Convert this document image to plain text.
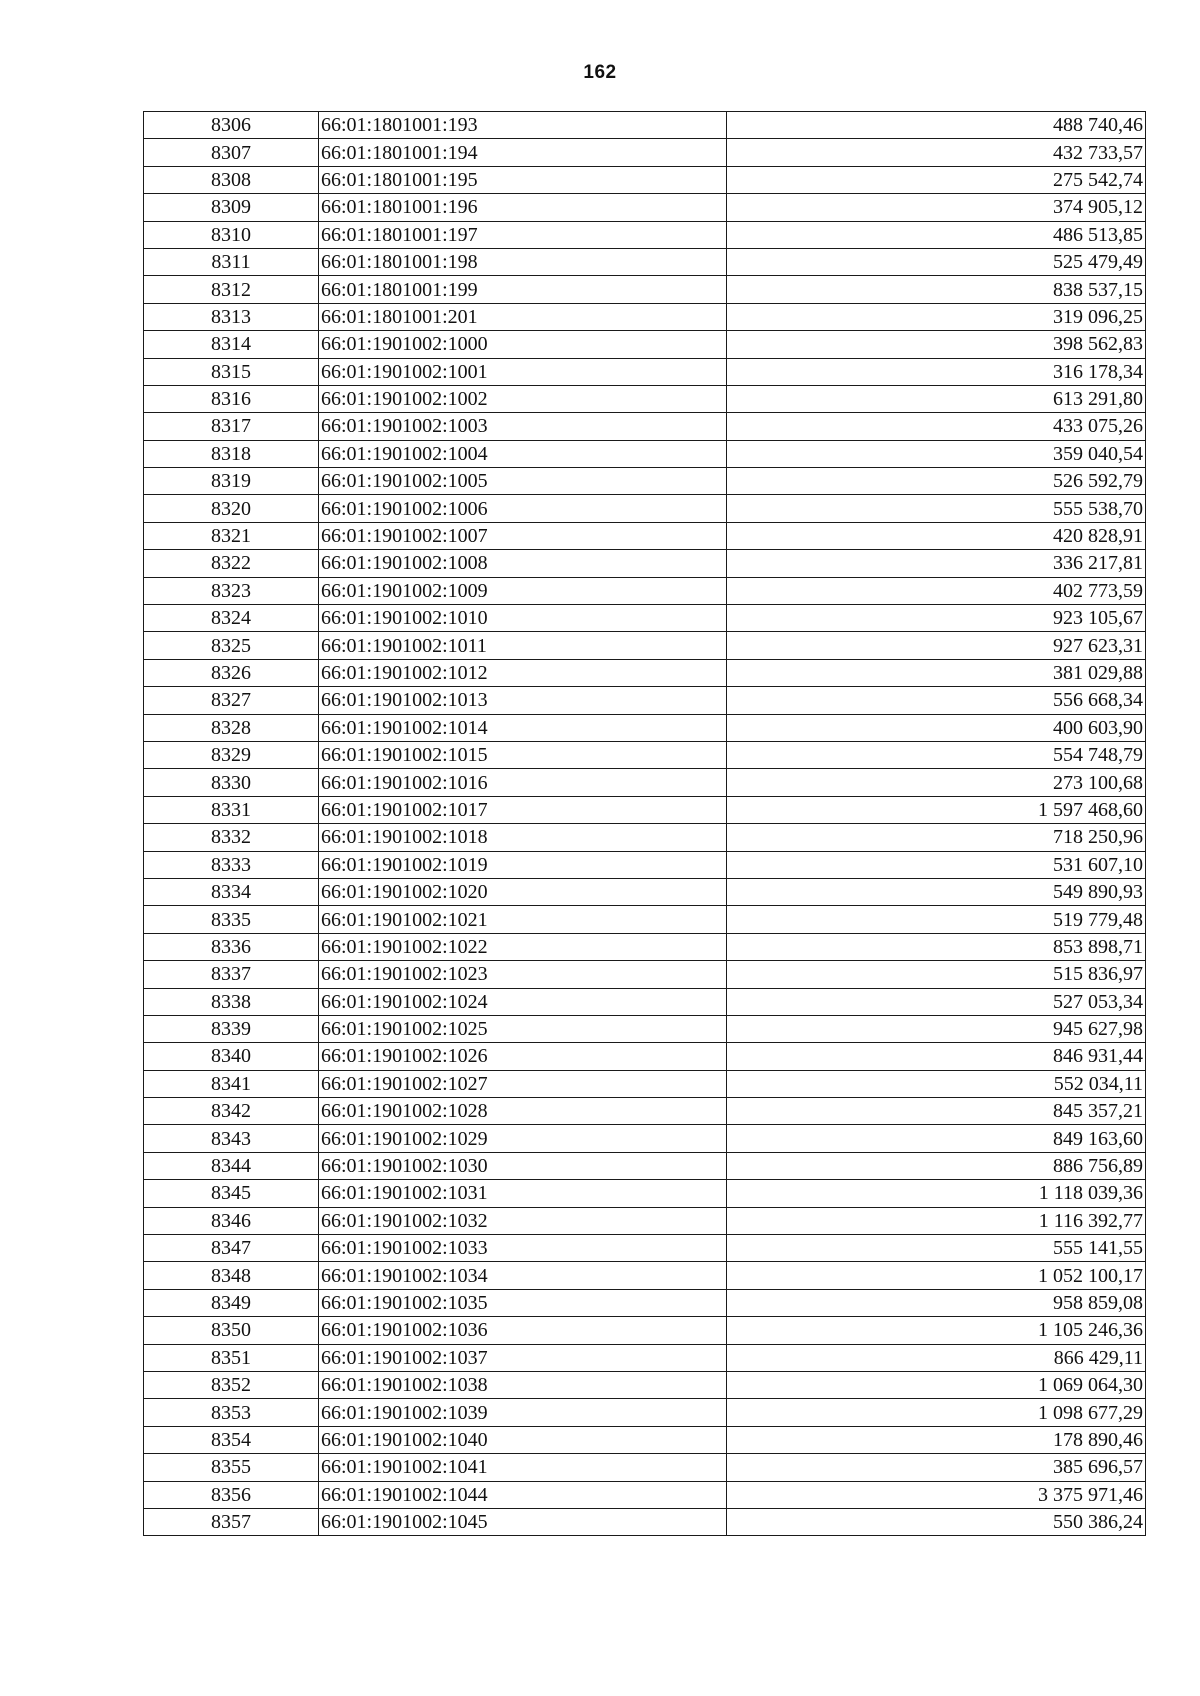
162
8306	66:01:1801001:193	488 740,46
8307	66:01:1801001:194	432 733,57
8308	66:01:1801001:195	275 542,74
8309	66:01:1801001:196	374 905,12
8310	66:01:1801001:197	486 513,85
8311	66:01:1801001:198	525 479,49
8312	66:01:1801001:199	838 537,15
8313	66:01:1801001:201	319 096,25
8314	66:01:1901002:1000	398 562,83
8315	66:01:1901002:1001	316 178,34
8316	66:01:1901002:1002	613 291,80
8317	66:01:1901002:1003	433 075,26
8318	66:01:1901002:1004	359 040,54
8319	66:01:1901002:1005	526 592,79
8320	66:01:1901002:1006	555 538,70
8321	66:01:1901002:1007	420 828,91
8322	66:01:1901002:1008	336 217,81
8323	66:01:1901002:1009	402 773,59
8324	66:01:1901002:1010	923 105,67
8325	66:01:1901002:1011	927 623,31
8326	66:01:1901002:1012	381 029,88
8327	66:01:1901002:1013	556 668,34
8328	66:01:1901002:1014	400 603,90
8329	66:01:1901002:1015	554 748,79
8330	66:01:1901002:1016	273 100,68
8331	66:01:1901002:1017	1 597 468,60
8332	66:01:1901002:1018	718 250,96
8333	66:01:1901002:1019	531 607,10
8334	66:01:1901002:1020	549 890,93
8335	66:01:1901002:1021	519 779,48
8336	66:01:1901002:1022	853 898,71
8337	66:01:1901002:1023	515 836,97
8338	66:01:1901002:1024	527 053,34
8339	66:01:1901002:1025	945 627,98
8340	66:01:1901002:1026	846 931,44
8341	66:01:1901002:1027	552 034,11
8342	66:01:1901002:1028	845 357,21
8343	66:01:1901002:1029	849 163,60
8344	66:01:1901002:1030	886 756,89
8345	66:01:1901002:1031	1 118 039,36
8346	66:01:1901002:1032	1 116 392,77
8347	66:01:1901002:1033	555 141,55
8348	66:01:1901002:1034	1 052 100,17
8349	66:01:1901002:1035	958 859,08
8350	66:01:1901002:1036	1 105 246,36
8351	66:01:1901002:1037	866 429,11
8352	66:01:1901002:1038	1 069 064,30
8353	66:01:1901002:1039	1 098 677,29
8354	66:01:1901002:1040	178 890,46
8355	66:01:1901002:1041	385 696,57
8356	66:01:1901002:1044	3 375 971,46
8357	66:01:1901002:1045	550 386,24
